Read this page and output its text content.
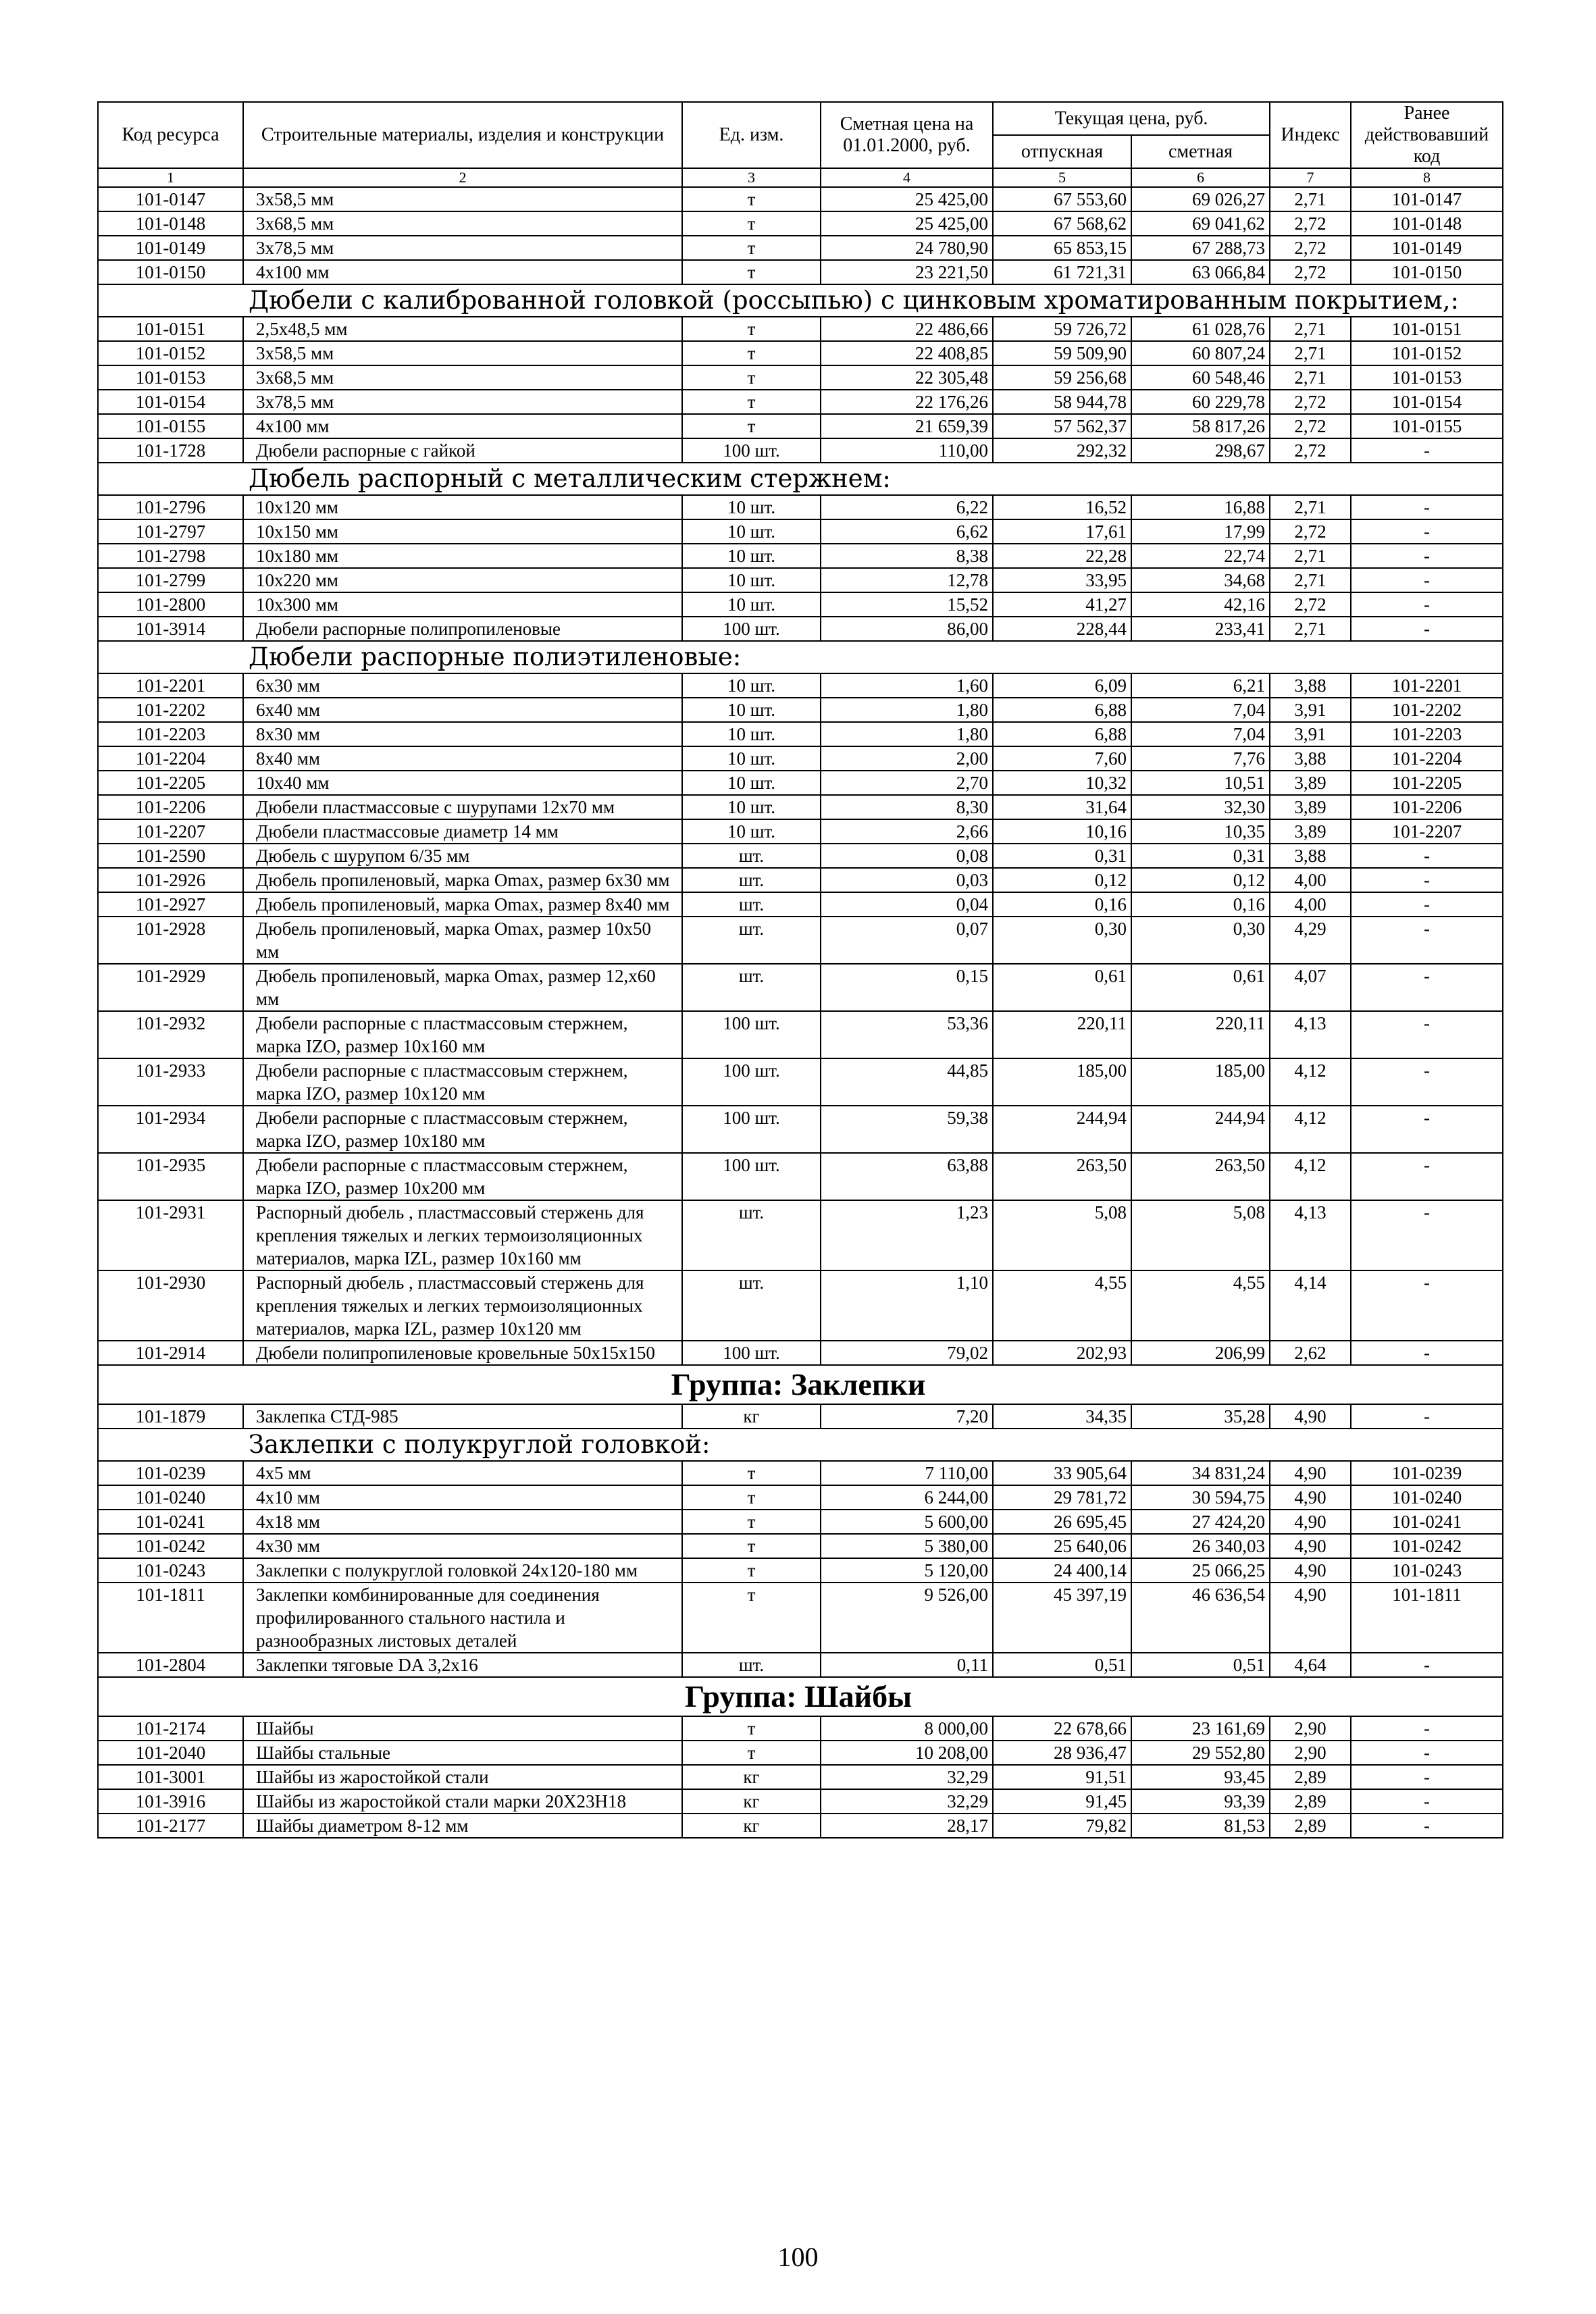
Код ресурса	Строительные материалы, изделия и конструкции	Ед. изм.	Сметная цена на 01.01.2000, руб.	Текущая цена, руб.		Индекс	Ранее действовавший код
				отпускная	сметная		
1	2	3	4	5	6	7	8
101-0147	3х58,5 мм	т	25 425,00	67 553,60	69 026,27	2,71	101-0147
101-0148	3х68,5 мм	т	25 425,00	67 568,62	69 041,62	2,72	101-0148
101-0149	3х78,5 мм	т	24 780,90	65 853,15	67 288,73	2,72	101-0149
101-0150	4х100 мм	т	23 221,50	61 721,31	63 066,84	2,72	101-0150
Дюбели с калиброванной головкой (россыпью) с цинковым хроматированным покрытием,:							
101-0151	2,5х48,5 мм	т	22 486,66	59 726,72	61 028,76	2,71	101-0151
101-0152	3х58,5 мм	т	22 408,85	59 509,90	60 807,24	2,71	101-0152
101-0153	3х68,5 мм	т	22 305,48	59 256,68	60 548,46	2,71	101-0153
101-0154	3х78,5 мм	т	22 176,26	58 944,78	60 229,78	2,72	101-0154
101-0155	4х100 мм	т	21 659,39	57 562,37	58 817,26	2,72	101-0155
101-1728	Дюбели распорные с гайкой	100 шт.	110,00	292,32	298,67	2,72	-
Дюбель распорный с металлическим стержнем:							
101-2796	10х120 мм	10 шт.	6,22	16,52	16,88	2,71	-
101-2797	10х150 мм	10 шт.	6,62	17,61	17,99	2,72	-
101-2798	10х180 мм	10 шт.	8,38	22,28	22,74	2,71	-
101-2799	10х220 мм	10 шт.	12,78	33,95	34,68	2,71	-
101-2800	10х300 мм	10 шт.	15,52	41,27	42,16	2,72	-
101-3914	Дюбели распорные полипропиленовые	100 шт.	86,00	228,44	233,41	2,71	-
Дюбели распорные полиэтиленовые:							
101-2201	6х30 мм	10 шт.	1,60	6,09	6,21	3,88	101-2201
101-2202	6х40 мм	10 шт.	1,80	6,88	7,04	3,91	101-2202
101-2203	8х30 мм	10 шт.	1,80	6,88	7,04	3,91	101-2203
101-2204	8х40 мм	10 шт.	2,00	7,60	7,76	3,88	101-2204
101-2205	10х40 мм	10 шт.	2,70	10,32	10,51	3,89	101-2205
101-2206	Дюбели пластмассовые с шурупами 12х70 мм	10 шт.	8,30	31,64	32,30	3,89	101-2206
101-2207	Дюбели пластмассовые диаметр 14 мм	10 шт.	2,66	10,16	10,35	3,89	101-2207
101-2590	Дюбель с шурупом 6/35 мм	шт.	0,08	0,31	0,31	3,88	-
101-2926	Дюбель пропиленовый, марка Omax, размер 6х30 мм	шт.	0,03	0,12	0,12	4,00	-
101-2927	Дюбель пропиленовый, марка Omax, размер 8х40 мм	шт.	0,04	0,16	0,16	4,00	-
101-2928	Дюбель пропиленовый, марка Omax, размер 10х50 мм	шт.	0,07	0,30	0,30	4,29	-
101-2929	Дюбель пропиленовый, марка Omax, размер 12,х60 мм	шт.	0,15	0,61	0,61	4,07	-
101-2932	Дюбели распорные с пластмассовым стержнем, марка IZO, размер 10х160 мм	100 шт.	53,36	220,11	220,11	4,13	-
101-2933	Дюбели распорные с пластмассовым стержнем, марка IZO, размер 10х120 мм	100 шт.	44,85	185,00	185,00	4,12	-
101-2934	Дюбели распорные с пластмассовым стержнем, марка IZO, размер 10х180 мм	100 шт.	59,38	244,94	244,94	4,12	-
101-2935	Дюбели распорные с пластмассовым стержнем, марка IZO, размер 10х200 мм	100 шт.	63,88	263,50	263,50	4,12	-
101-2931	Распорный дюбель , пластмассовый стержень для крепления тяжелых и легких термоизоляционных материалов, марка IZL, размер 10х160 мм	шт.	1,23	5,08	5,08	4,13	-
101-2930	Распорный дюбель , пластмассовый стержень для крепления тяжелых и легких термоизоляционных материалов, марка IZL, размер 10х120 мм	шт.	1,10	4,55	4,55	4,14	-
101-2914	Дюбели полипропиленовые кровельные 50х15х150	100 шт.	79,02	202,93	206,99	2,62	-
Группа: Заклепки							
101-1879	Заклепка СТД-985	кг	7,20	34,35	35,28	4,90	-
Заклепки с полукруглой головкой:							
101-0239	4х5 мм	т	7 110,00	33 905,64	34 831,24	4,90	101-0239
101-0240	4х10 мм	т	6 244,00	29 781,72	30 594,75	4,90	101-0240
101-0241	4х18 мм	т	5 600,00	26 695,45	27 424,20	4,90	101-0241
101-0242	4х30 мм	т	5 380,00	25 640,06	26 340,03	4,90	101-0242
101-0243	Заклепки с полукруглой головкой 24х120-180 мм	т	5 120,00	24 400,14	25 066,25	4,90	101-0243
101-1811	Заклепки комбинированные для соединения профилированного стального настила и разнообразных листовых деталей	т	9 526,00	45 397,19	46 636,54	4,90	101-1811
101-2804	Заклепки тяговые DA 3,2х16	шт.	0,11	0,51	0,51	4,64	-
Группа: Шайбы							
101-2174	Шайбы	т	8 000,00	22 678,66	23 161,69	2,90	-
101-2040	Шайбы стальные	т	10 208,00	28 936,47	29 552,80	2,90	-
101-3001	Шайбы из жаростойкой стали	кг	32,29	91,51	93,45	2,89	-
101-3916	Шайбы из жаростойкой стали марки 20Х23Н18	кг	32,29	91,45	93,39	2,89	-
101-2177	Шайбы диаметром 8-12 мм	кг	28,17	79,82	81,53	2,89	-
100
